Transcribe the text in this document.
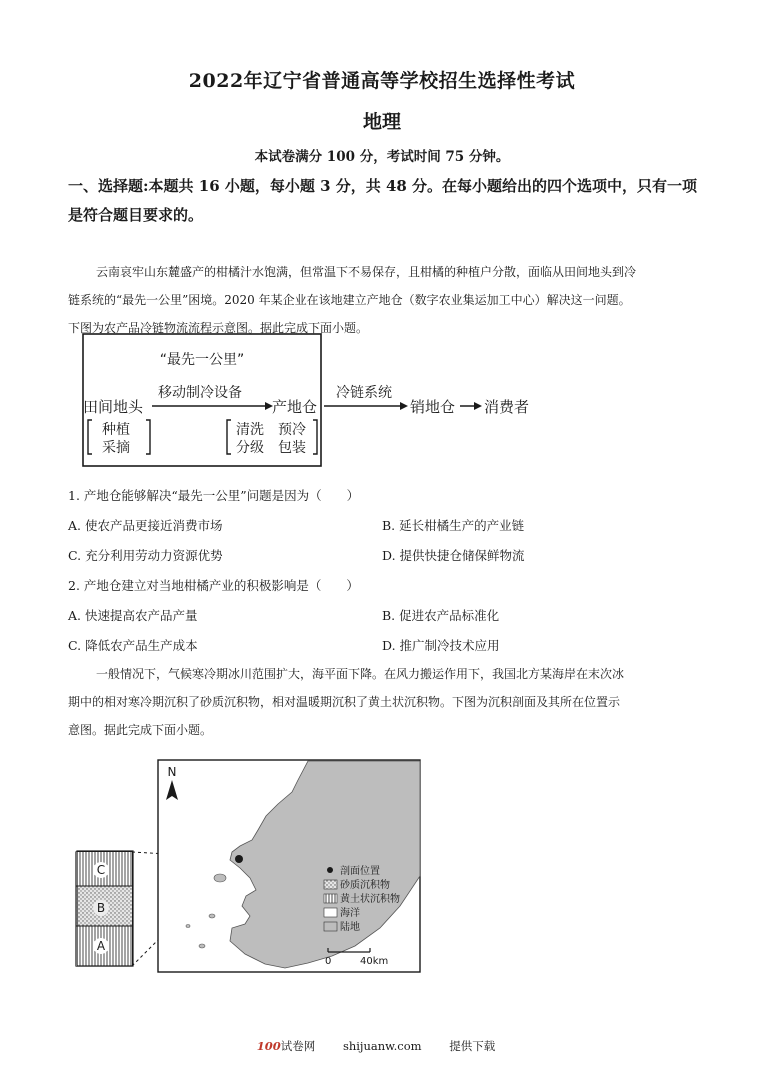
2022年辽宁省普通高等学校招生选择性考试
地理
本试卷满分 100 分，考试时间 75 分钟。
一、选择题:本题共 16 小题，每小题 3 分，共 48 分。在每小题给出的四个选项中，只有一项
是符合题目要求的。
云南哀牢山东麓盛产的柑橘汁水饱满，但常温下不易保存，且柑橘的种植户分散，面临从田间地头到冷
链系统的“最先一公里”困境。2020 年某企业在该地建立产地仓（数字农业集运加工中心）解决这一问题。
下图为农产品冷链物流流程示意图。据此完成下面小题。
“最先一公里”
田间地头
移动制冷设备
产地仓
种植
采摘
清洗 预冷
分级 包装
冷链系统
销地仓 消费者
1. 产地仓能够解决“最先一公里”问题是因为（　　）
A. 使农产品更接近消费市场	B. 延长柑橘生产的产业链
C. 充分利用劳动力资源优势	D. 提供快捷仓储保鲜物流
2. 产地仓建立对当地柑橘产业的积极影响是（　　）
A. 快速提高农产品产量	B. 促进农产品标准化
C. 降低农产品生产成本	D. 推广制冷技术应用
一般情况下，气候寒冷期冰川范围扩大，海平面下降。在风力搬运作用下，我国北方某海岸在末次冰
期中的相对寒冷期沉积了砂质沉积物，相对温暖期沉积了黄土状沉积物。下图为沉积剖面及其所在位置示
意图。据此完成下面小题。
C
B
A
N
剖面位置
砂质沉积物
黄土状沉积物
海洋
陆地
0	40km
100试卷网 shijuanw.com 提供下载
